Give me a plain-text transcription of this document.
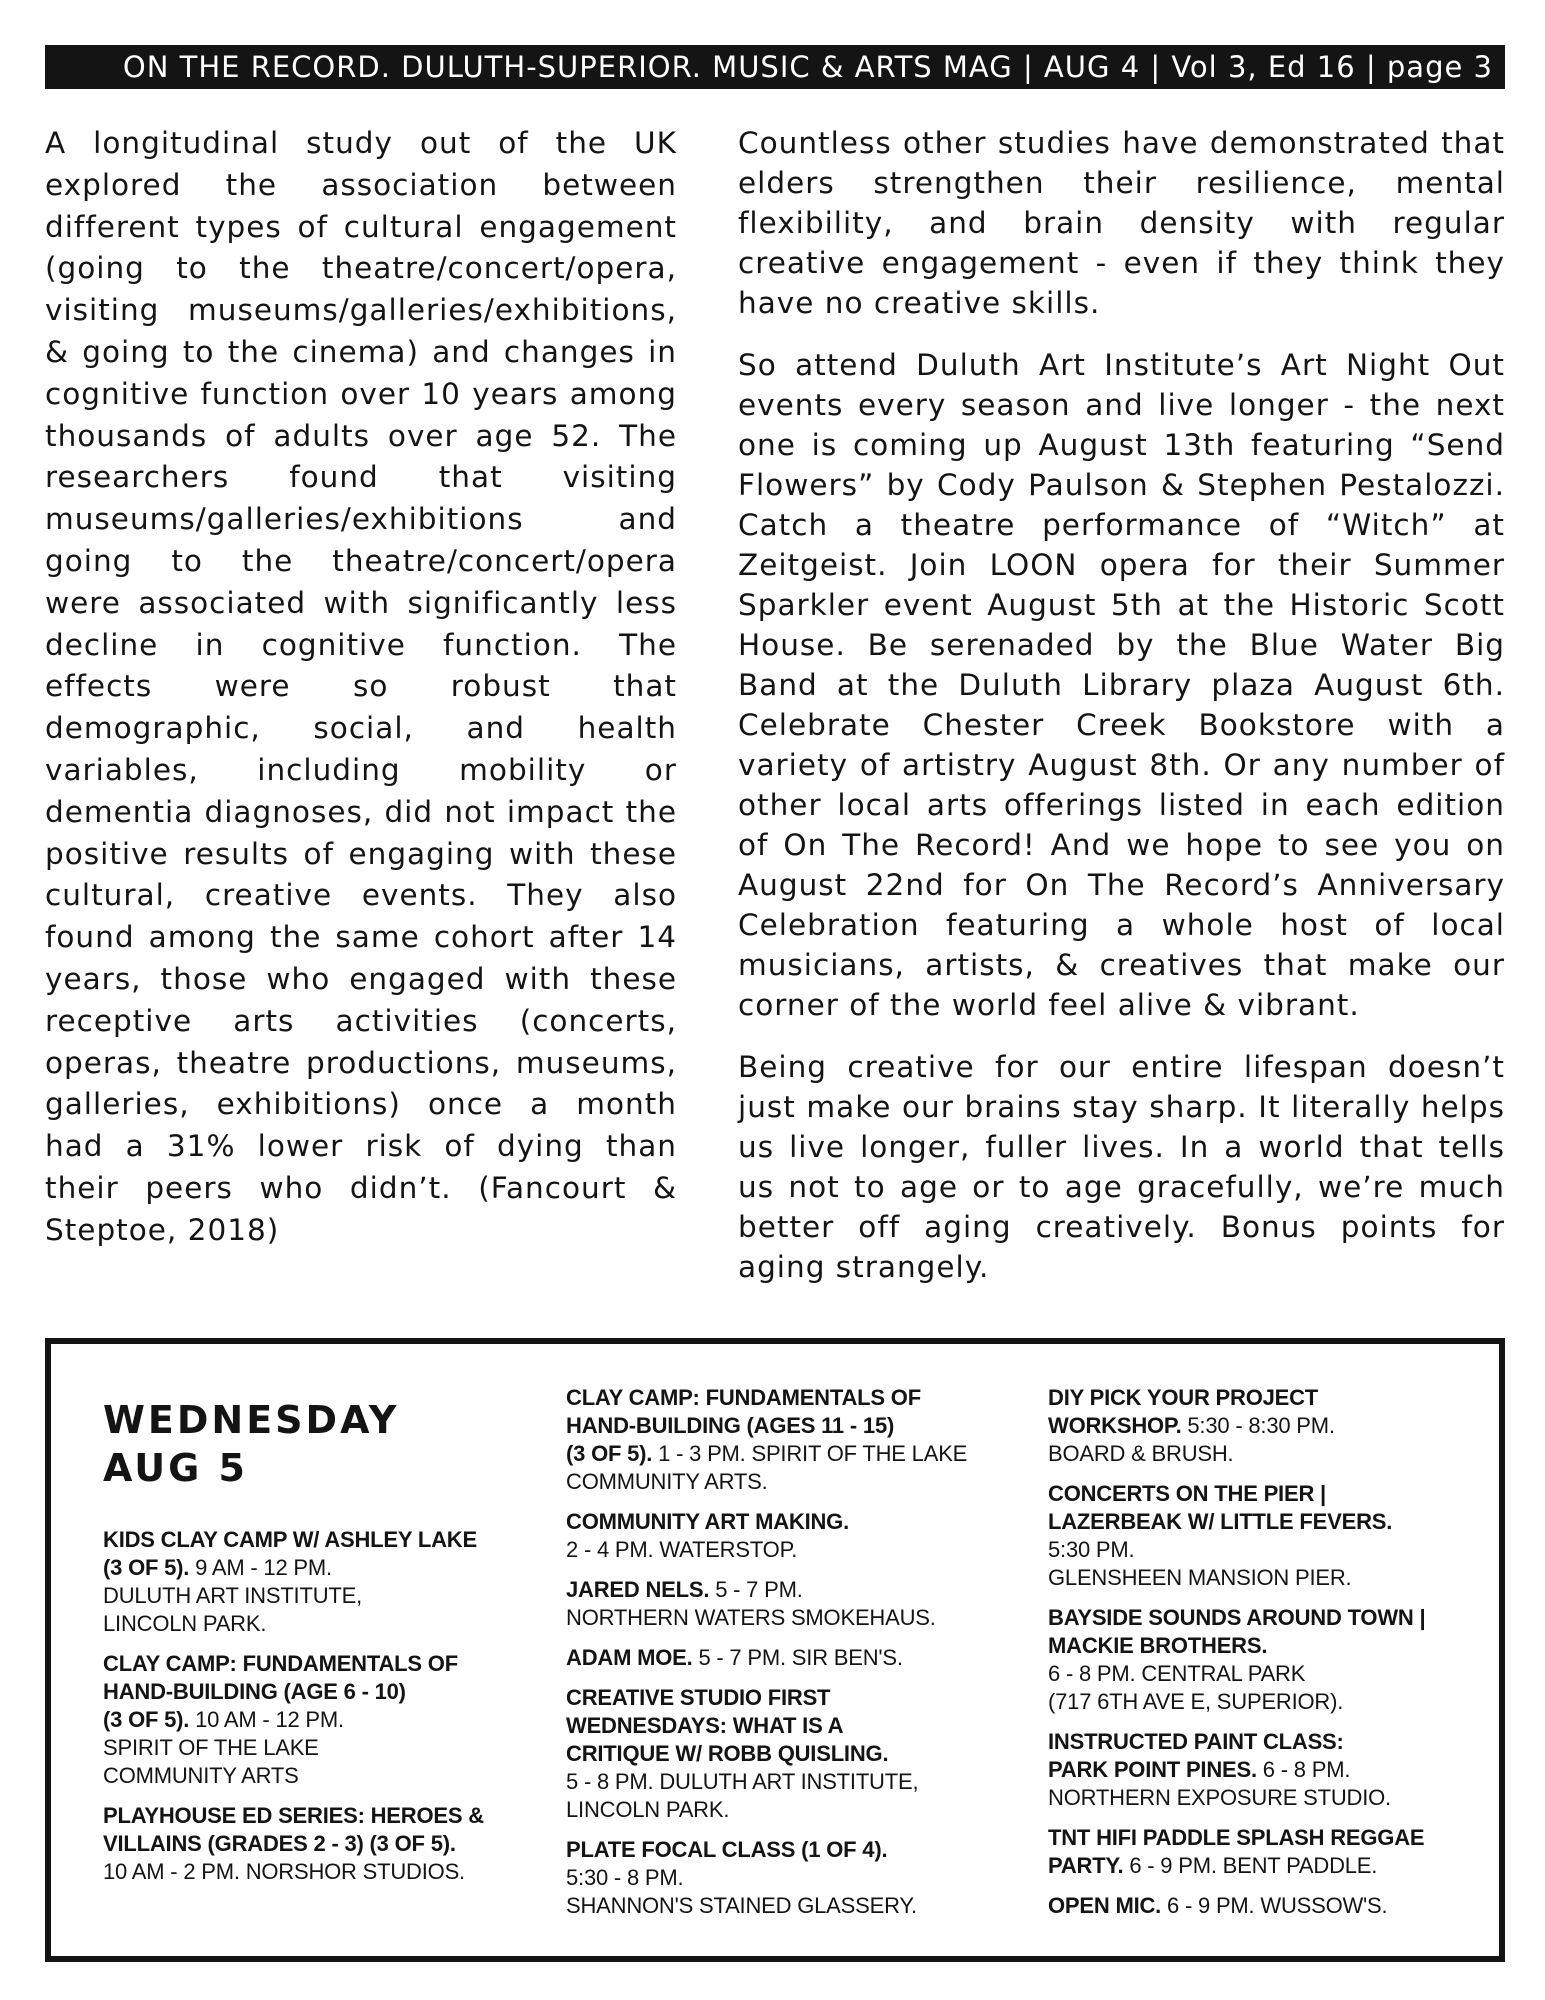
ON THE RECORD. DULUTH-SUPERIOR. MUSIC & ARTS MAG | AUG 4 | Vol 3, Ed 16 | page 3

A longitudinal study out of the UK explored the association between different types of cultural engagement (going to the theatre/concert/opera, visiting museums/galleries/exhibitions, & going to the cinema) and changes in cognitive function over 10 years among thousands of adults over age 52. The researchers found that visiting museums/galleries/exhibitions and going to the theatre/concert/opera were associated with significantly less decline in cognitive function. The effects were so robust that demographic, social, and health variables, including mobility or dementia diagnoses, did not impact the positive results of engaging with these cultural, creative events. They also found among the same cohort after 14 years, those who engaged with these receptive arts activities (concerts, operas, theatre productions, museums, galleries, exhibitions) once a month had a 31% lower risk of dying than their peers who didn’t. (Fancourt & Steptoe, 2018)

Countless other studies have demonstrated that elders strengthen their resilience, mental flexibility, and brain density with regular creative engagement - even if they think they have no creative skills.

So attend Duluth Art Institute’s Art Night Out events every season and live longer - the next one is coming up August 13th featuring “Send Flowers” by Cody Paulson & Stephen Pestalozzi. Catch a theatre performance of “Witch” at Zeitgeist. Join LOON opera for their Summer Sparkler event August 5th at the Historic Scott House. Be serenaded by the Blue Water Big Band at the Duluth Library plaza August 6th. Celebrate Chester Creek Bookstore with a variety of artistry August 8th. Or any number of other local arts offerings listed in each edition of On The Record! And we hope to see you on August 22nd for On The Record’s Anniversary Celebration featuring a whole host of local musicians, artists, & creatives that make our corner of the world feel alive & vibrant.

Being creative for our entire lifespan doesn’t just make our brains stay sharp. It literally helps us live longer, fuller lives. In a world that tells us not to age or to age gracefully, we’re much better off aging creatively. Bonus points for aging strangely.

WEDNESDAY
AUG 5
KIDS CLAY CAMP W/ ASHLEY LAKE
(3 OF 5). 9 AM - 12 PM.
DULUTH ART INSTITUTE,
LINCOLN PARK.
CLAY CAMP: FUNDAMENTALS OF
HAND-BUILDING (AGE 6 - 10)
(3 OF 5). 10 AM - 12 PM.
SPIRIT OF THE LAKE
COMMUNITY ARTS
PLAYHOUSE ED SERIES: HEROES &
VILLAINS (GRADES 2 - 3) (3 OF 5).
10 AM - 2 PM. NORSHOR STUDIOS.
CLAY CAMP: FUNDAMENTALS OF
HAND-BUILDING (AGES 11 - 15)
(3 OF 5). 1 - 3 PM. SPIRIT OF THE LAKE
COMMUNITY ARTS.
COMMUNITY ART MAKING.
2 - 4 PM. WATERSTOP.
JARED NELS. 5 - 7 PM.
NORTHERN WATERS SMOKEHAUS.
ADAM MOE. 5 - 7 PM. SIR BEN'S.
CREATIVE STUDIO FIRST
WEDNESDAYS: WHAT IS A
CRITIQUE W/ ROBB QUISLING.
5 - 8 PM. DULUTH ART INSTITUTE,
LINCOLN PARK.
PLATE FOCAL CLASS (1 OF 4).
5:30 - 8 PM.
SHANNON'S STAINED GLASSERY.
DIY PICK YOUR PROJECT
WORKSHOP. 5:30 - 8:30 PM.
BOARD & BRUSH.
CONCERTS ON THE PIER |
LAZERBEAK W/ LITTLE FEVERS.
5:30 PM.
GLENSHEEN MANSION PIER.
BAYSIDE SOUNDS AROUND TOWN |
MACKIE BROTHERS.
6 - 8 PM. CENTRAL PARK
(717 6TH AVE E, SUPERIOR).
INSTRUCTED PAINT CLASS:
PARK POINT PINES. 6 - 8 PM.
NORTHERN EXPOSURE STUDIO.
TNT HIFI PADDLE SPLASH REGGAE
PARTY. 6 - 9 PM. BENT PADDLE.
OPEN MIC. 6 - 9 PM. WUSSOW'S.
